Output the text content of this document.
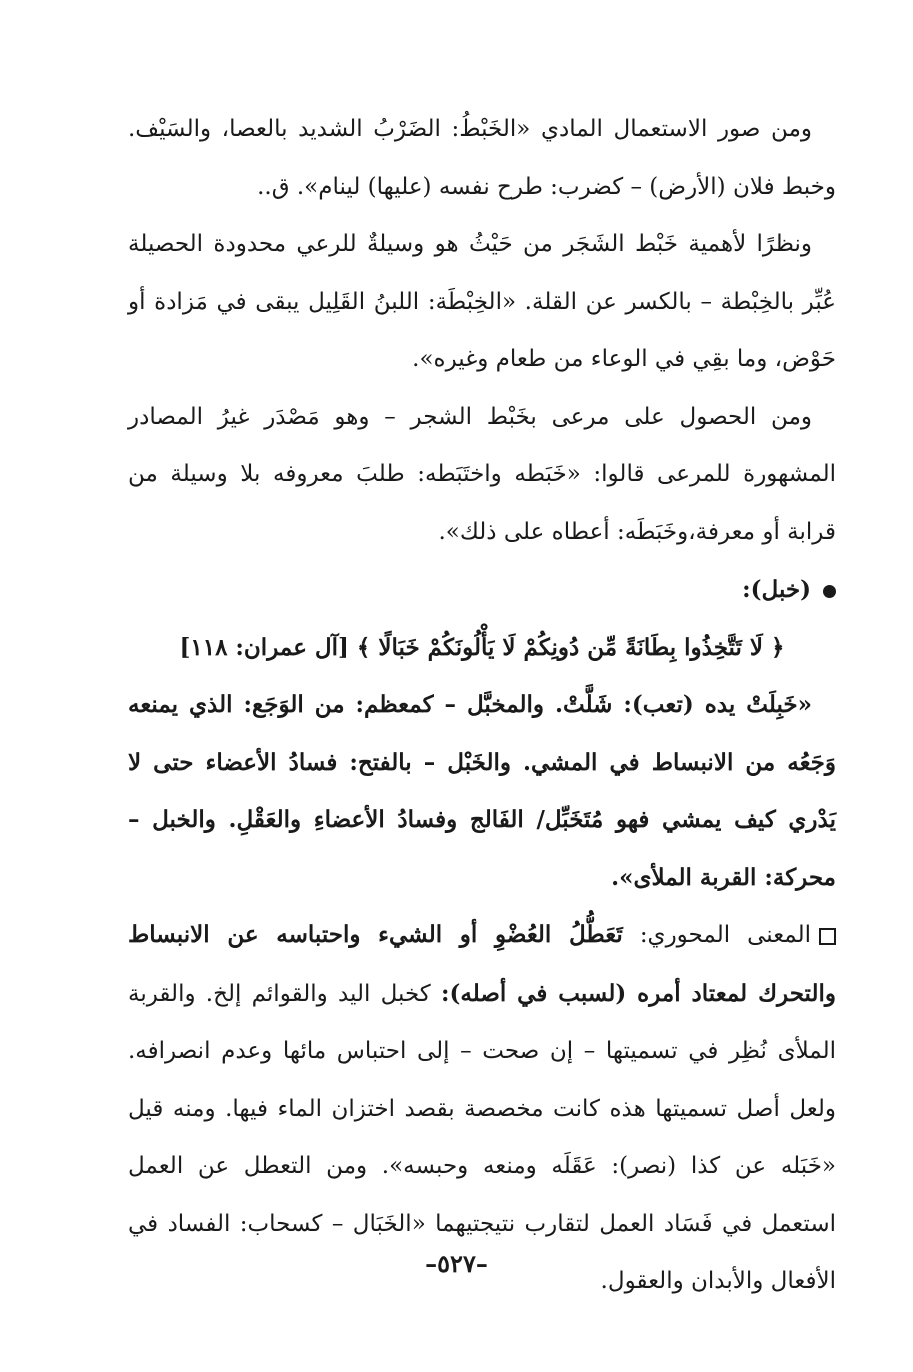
ومن صور الاستعمال المادي «الخَبْطُ: الضَرْبُ الشديد بالعصا، والسَيْف. وخبط فلان (الأرض) – كضرب: طرح نفسه (عليها) لينام». ق..

ونظرًا لأهمية خَبْط الشَجَر من حَيْثُ هو وسيلةٌ للرعي محدودة الحصيلة عُبِّر بالخِبْطة – بالكسر عن القلة. «الخِبْطَة: اللبنُ القَلِيل يبقى في مَزادة أو حَوْض، وما بقِي في الوعاء من طعام وغيره».

ومن الحصول على مرعى بخَبْط الشجر – وهو مَصْدَر غيرُ المصادر المشهورة للمرعى قالوا: «خَبَطه واختَبَطه: طلبَ معروفه بلا وسيلة من قرابة أو معرفة،وخَبَطَه: أعطاه على ذلك».

(خبل):

﴿ لَا تَتَّخِذُوا بِطَانَةً مِّن دُونِكُمْ لَا يَأْلُونَكُمْ خَبَالًا ﴾ [آل عمران: ١١٨]

«خَبِلَتْ يده (تعب): شَلَّتْ. والمخبَّل – كمعظم: من الوَجَع: الذي يمنعه وَجَعُه من الانبساط في المشي. والخَبْل – بالفتح: فسادُ الأعضاء حتى لا يَدْري كيف يمشي فهو مُتَخَبِّل/ الفَالج وفسادُ الأعضاءِ والعَقْلِ. والخبل – محركة: القربة الملأى».

المعنى المحوري: تَعَطُّلُ العُضْوِ أو الشيء واحتباسه عن الانبساط والتحرك لمعتاد أمره (لسبب في أصله): كخبل اليد والقوائم إلخ. والقربة الملأى نُظِر في تسميتها – إن صحت – إلى احتباس مائها وعدم انصرافه. ولعل أصل تسميتها هذه كانت مخصصة بقصد اختزان الماء فيها. ومنه قيل «خَبَله عن كذا (نصر): عَقَلَه ومنعه وحبسه». ومن التعطل عن العمل استعمل في فَسَاد العمل لتقارب نتيجتيهما «الخَبَال – كسحاب: الفساد في الأفعال والأبدان والعقول.

–٥٢٧–
